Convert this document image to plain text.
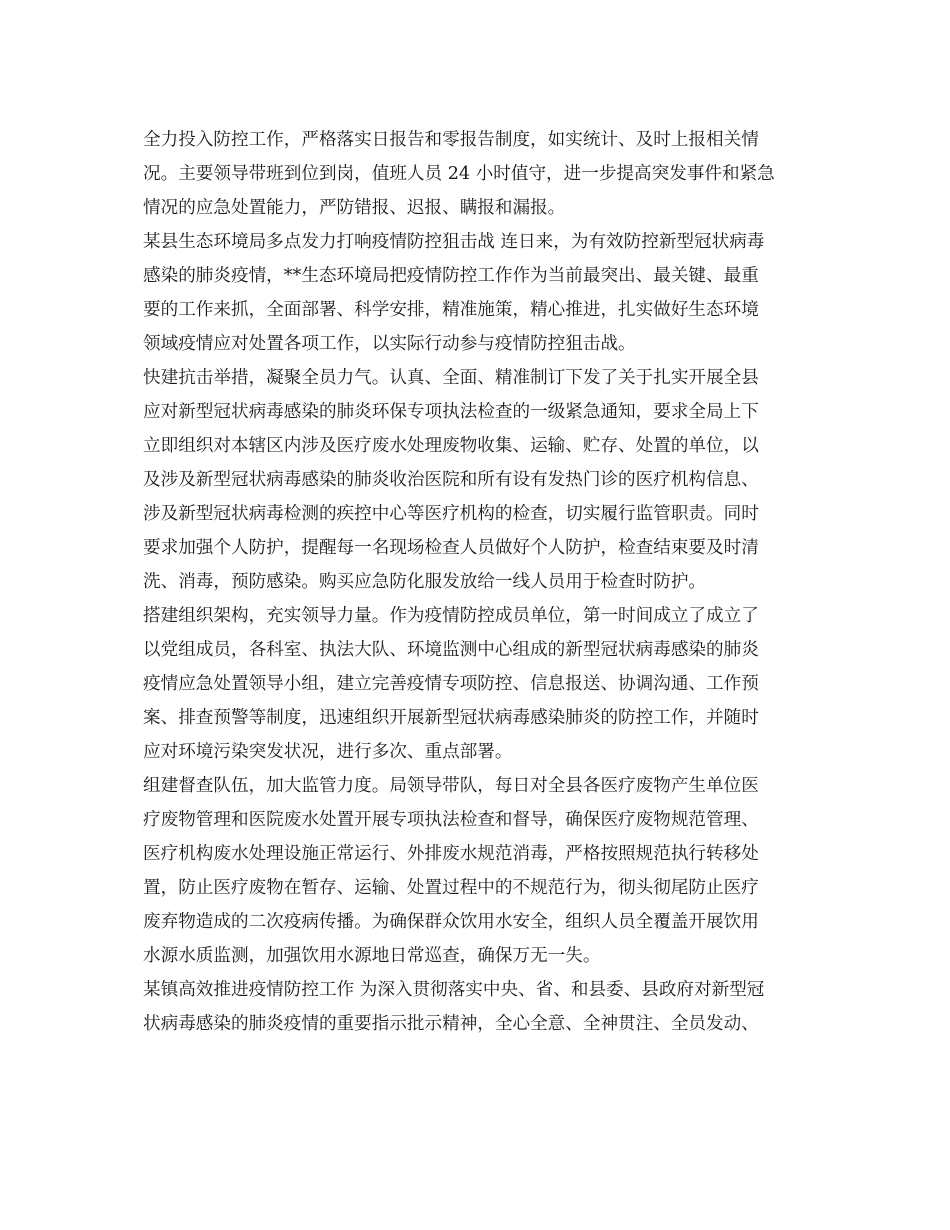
全力投入防控工作，严格落实日报告和零报告制度，如实统计、及时上报相关情
况。主要领导带班到位到岗，值班人员 24 小时值守，进一步提高突发事件和紧急
情况的应急处置能力，严防错报、迟报、瞒报和漏报。
某县生态环境局多点发力打响疫情防控狙击战 连日来，为有效防控新型冠状病毒
感染的肺炎疫情，**生态环境局把疫情防控工作作为当前最突出、最关键、最重
要的工作来抓，全面部署、科学安排，精准施策，精心推进，扎实做好生态环境
领域疫情应对处置各项工作，以实际行动参与疫情防控狙击战。
快建抗击举措，凝聚全员力气。认真、全面、精准制订下发了关于扎实开展全县
应对新型冠状病毒感染的肺炎环保专项执法检查的一级紧急通知，要求全局上下
立即组织对本辖区内涉及医疗废水处理废物收集、运输、贮存、处置的单位，以
及涉及新型冠状病毒感染的肺炎收治医院和所有设有发热门诊的医疗机构信息、
涉及新型冠状病毒检测的疾控中心等医疗机构的检查，切实履行监管职责。同时
要求加强个人防护，提醒每一名现场检查人员做好个人防护，检查结束要及时清
洗、消毒，预防感染。购买应急防化服发放给一线人员用于检查时防护。
搭建组织架构，充实领导力量。作为疫情防控成员单位，第一时间成立了成立了
以党组成员，各科室、执法大队、环境监测中心组成的新型冠状病毒感染的肺炎
疫情应急处置领导小组，建立完善疫情专项防控、信息报送、协调沟通、工作预
案、排查预警等制度，迅速组织开展新型冠状病毒感染肺炎的防控工作，并随时
应对环境污染突发状况，进行多次、重点部署。
组建督查队伍，加大监管力度。局领导带队，每日对全县各医疗废物产生单位医
疗废物管理和医院废水处置开展专项执法检查和督导，确保医疗废物规范管理、
医疗机构废水处理设施正常运行、外排废水规范消毒，严格按照规范执行转移处
置，防止医疗废物在暂存、运输、处置过程中的不规范行为，彻头彻尾防止医疗
废弃物造成的二次疫病传播。为确保群众饮用水安全，组织人员全覆盖开展饮用
水源水质监测，加强饮用水源地日常巡查，确保万无一失。
某镇高效推进疫情防控工作 为深入贯彻落实中央、省、和县委、县政府对新型冠
状病毒感染的肺炎疫情的重要指示批示精神，全心全意、全神贯注、全员发动、
